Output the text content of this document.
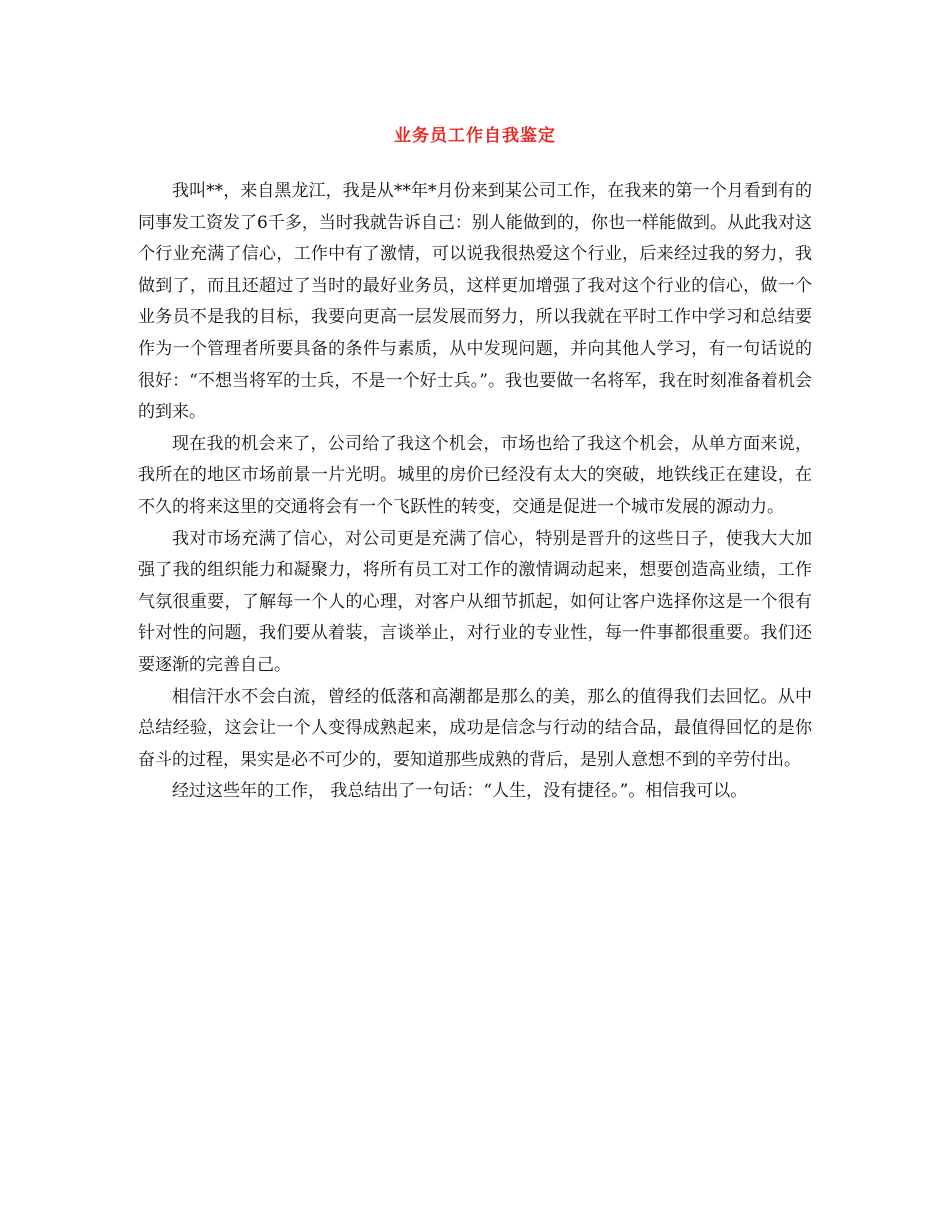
业务员工作自我鉴定

我叫**，来自黑龙江，我是从**年*月份来到某公司工作，在我来的第一个月看到有的同事发工资发了6千多，当时我就告诉自己：别人能做到的，你也一样能做到。从此我对这个行业充满了信心，工作中有了激情，可以说我很热爱这个行业，后来经过我的努力，我做到了，而且还超过了当时的最好业务员，这样更加增强了我对这个行业的信心，做一个业务员不是我的目标，我要向更高一层发展而努力，所以我就在平时工作中学习和总结要作为一个管理者所要具备的条件与素质，从中发现问题，并向其他人学习，有一句话说的很好：“不想当将军的士兵，不是一个好士兵。”。我也要做一名将军，我在时刻准备着机会的到来。

现在我的机会来了，公司给了我这个机会，市场也给了我这个机会，从单方面来说，我所在的地区市场前景一片光明。城里的房价已经没有太大的突破，地铁线正在建设，在不久的将来这里的交通将会有一个飞跃性的转变，交通是促进一个城市发展的源动力。

我对市场充满了信心，对公司更是充满了信心，特别是晋升的这些日子，使我大大加强了我的组织能力和凝聚力，将所有员工对工作的激情调动起来，想要创造高业绩，工作气氛很重要，了解每一个人的心理，对客户从细节抓起，如何让客户选择你这是一个很有针对性的问题，我们要从着装，言谈举止，对行业的专业性，每一件事都很重要。我们还要逐渐的完善自己。

相信汗水不会白流，曾经的低落和高潮都是那么的美，那么的值得我们去回忆。从中总结经验，这会让一个人变得成熟起来，成功是信念与行动的结合品，最值得回忆的是你奋斗的过程，果实是必不可少的，要知道那些成熟的背后，是别人意想不到的辛劳付出。

经过这些年的工作， 我总结出了一句话：“人生，没有捷径。”。相信我可以。
